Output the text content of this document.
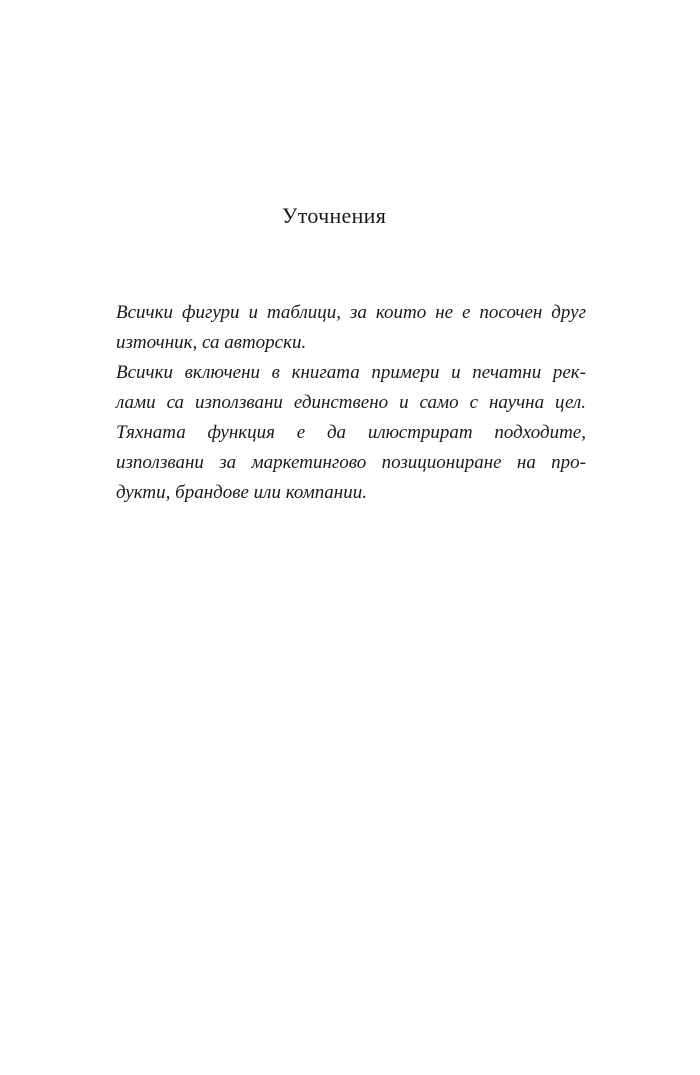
Уточнения
Всички фигури и таблици, за които не е посочен друг
източник, са авторски.
Всички включени в книгата примери и печатни рек-
лами са използвани единствено и само с научна цел.
Тяхната функция е да илюстрират подходите,
използвани за маркетингово позициониране на про-
дукти, брандове или компании.
